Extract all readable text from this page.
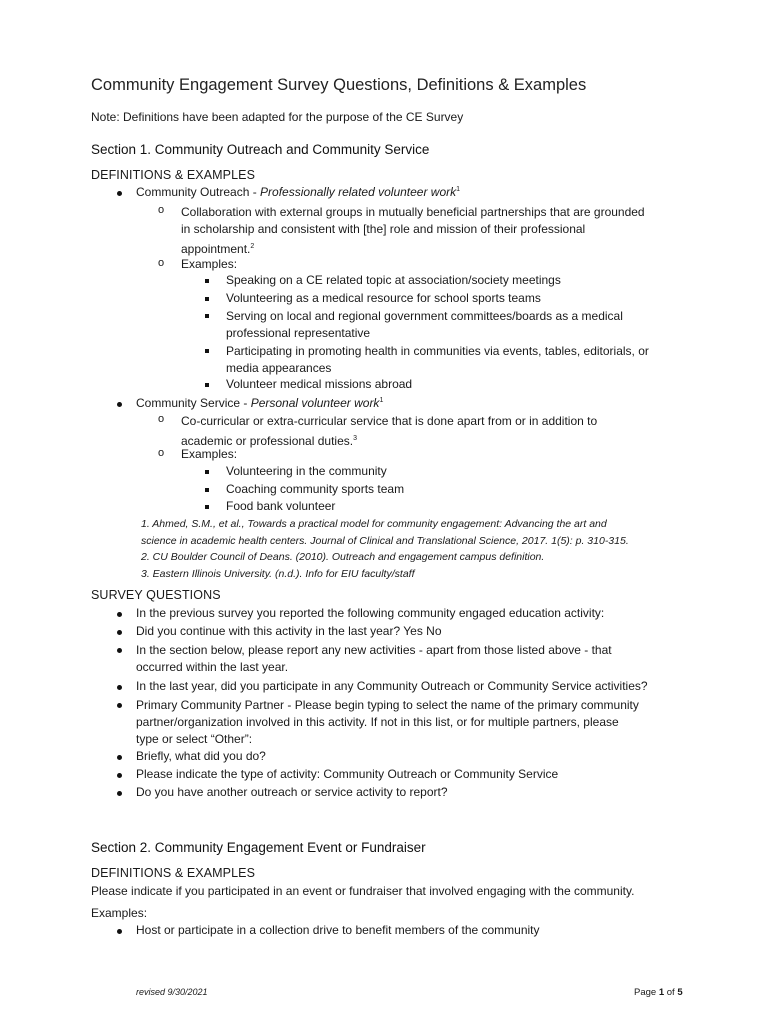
Community Engagement Survey Questions, Definitions & Examples
Note: Definitions have been adapted for the purpose of the CE Survey
Section 1. Community Outreach and Community Service
DEFINITIONS & EXAMPLES
Community Outreach - Professionally related volunteer work$^1$
o Collaboration with external groups in mutually beneficial partnerships that are grounded
in scholarship and consistent with [the] role and mission of their professional
appointment.$^2$
o Examples:
Speaking on a CE related topic at association/society meetings
Volunteering as a medical resource for school sports teams
Serving on local and regional government committees/boards as a medical
professional representative
Participating in promoting health in communities via events, tables, editorials, or
media appearances
Volunteer medical missions abroad
Community Service - Personal volunteer work$^1$
o Co-curricular or extra-curricular service that is done apart from or in addition to
academic or professional duties.$^3$
o Examples:
Volunteering in the community
Coaching community sports team
Food bank volunteer
1. Ahmed, S.M., et al., Towards a practical model for community engagement: Advancing the art and
science in academic health centers. Journal of Clinical and Translational Science, 2017. 1(5): p. 310-315.
2. CU Boulder Council of Deans. (2010). Outreach and engagement campus definition.
3. Eastern Illinois University. (n.d.). Info for EIU faculty/staff
SURVEY QUESTIONS
In the previous survey you reported the following community engaged education activity:
Did you continue with this activity in the last year? Yes No
In the section below, please report any new activities - apart from those listed above - that
occurred within the last year.
In the last year, did you participate in any Community Outreach or Community Service activities?
Primary Community Partner - Please begin typing to select the name of the primary community
partner/organization involved in this activity. If not in this list, or for multiple partners, please
type or select “Other”:
Briefly, what did you do?
Please indicate the type of activity: Community Outreach or Community Service
Do you have another outreach or service activity to report?
Section 2. Community Engagement Event or Fundraiser
DEFINITIONS & EXAMPLES
Please indicate if you participated in an event or fundraiser that involved engaging with the community.
Examples:
Host or participate in a collection drive to benefit members of the community
revised 9/30/2021	Page 1 of 5
